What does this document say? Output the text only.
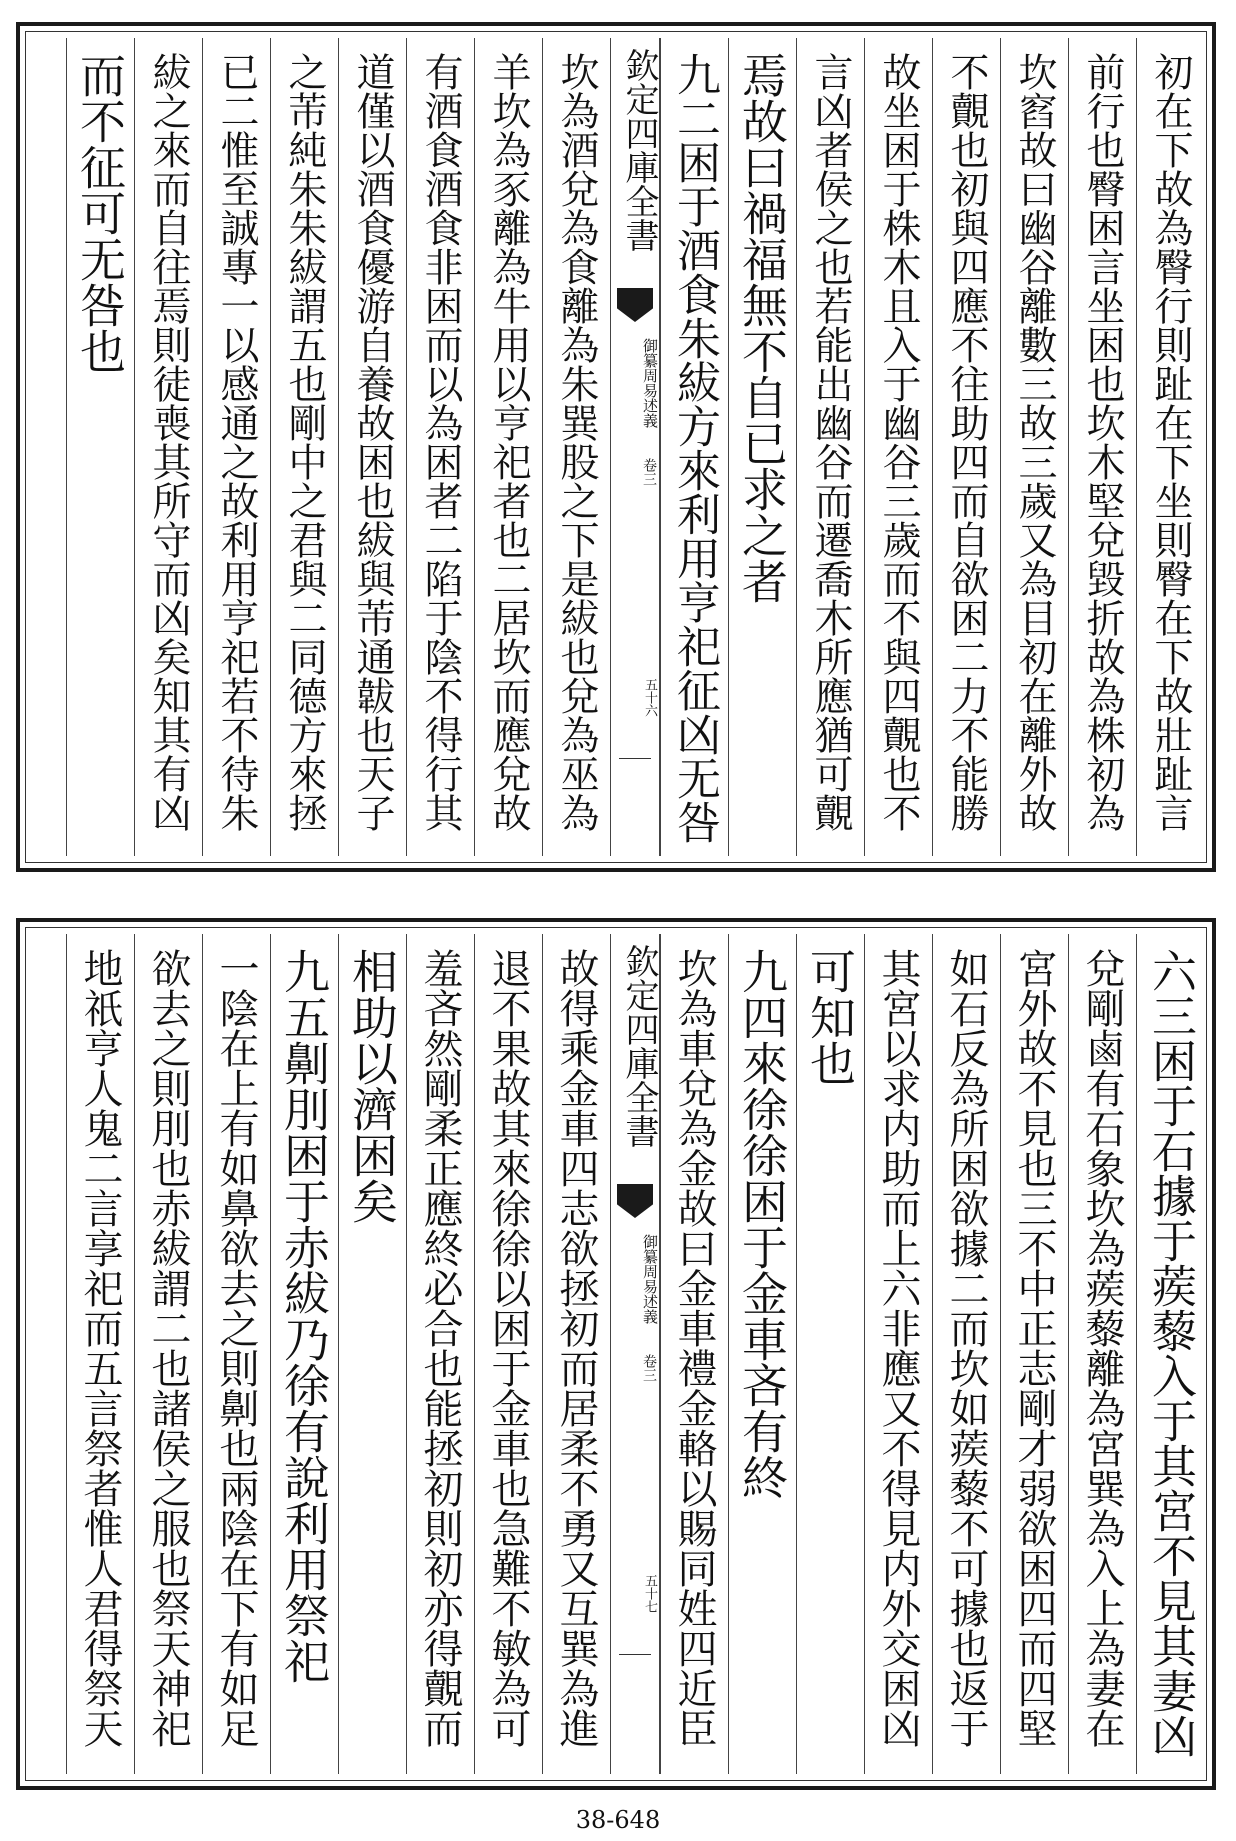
初在下故為臀行則趾在下坐則臀在下故壯趾言
前行也臀困言坐困也坎木堅兌毀折故為株初為
坎窞故曰幽谷離數三故三歲又為目初在離外故
不覿也初與四應不往助四而自欲困二力不能勝
故坐困于株木且入于幽谷三歲而不與四覿也不
言凶者侯之也若能出幽谷而遷喬木所應猶可覿
焉故曰禍福無不自已求之者
九二困于酒食朱紱方來利用亨祀征凶无咎
欽定四庫全書
御纂周易述義
卷三
五十六
坎為酒兌為食離為朱巽股之下是紱也兌為巫為
羊坎為豕離為牛用以亨祀者也二居坎而應兌故
有酒食酒食非困而以為困者二陷于陰不得行其
道僅以酒食優游自養故困也紱與芾通韍也天子
之芾純朱朱紱謂五也剛中之君與二同德方來拯
已二惟至誠專一以感通之故利用亨祀若不待朱
紱之來而自往焉則徒喪其所守而凶矣知其有凶
而不征可无咎也
六三困于石據于蒺藜入于其宮不見其妻凶
兌剛鹵有石象坎為蒺藜離為宮巽為入上為妻在
宮外故不見也三不中正志剛才弱欲困四而四堅
如石反為所困欲據二而坎如蒺藜不可據也返于
其宮以求内助而上六非應又不得見内外交困凶
可知也
九四來徐徐困于金車吝有終
坎為車兌為金故曰金車禮金輅以賜同姓四近臣
欽定四庫全書
御纂周易述義
卷三
五十七
故得乘金車四志欲拯初而居柔不勇又互巽為進
退不果故其來徐徐以困于金車也急難不敏為可
羞吝然剛柔正應終必合也能拯初則初亦得覿而
相助以濟困矣
九五劓刖困于赤紱乃徐有說利用祭祀
一陰在上有如鼻欲去之則劓也兩陰在下有如足
欲去之則刖也赤紱謂二也諸侯之服也祭天神祀
地祇亨人鬼二言享祀而五言祭者惟人君得祭天
38-648
